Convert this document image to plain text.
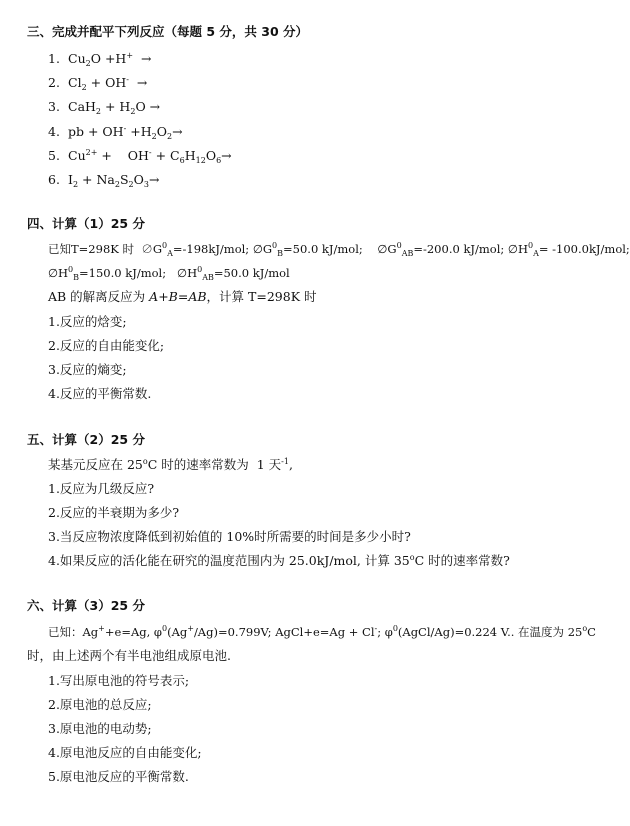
三、完成并配平下列反应（每题 5 分，共 30 分）
1. $Cu_2O +H^+$  →
2. $Cl_2 + OH^-$  →
3. $CaH_2 + H_2O$ →
4. pb + $OH^- +H_2O_2\to$
5. $Cu^{2+}$ +    $OH^- + C_6H_{12}O_6\to$
6. $I_2 + Na_2S_2O_3\to$
四、计算（1）25 分
已知T=298K 时  $\emptyset G^0_A=-198kJ$/mol; $\emptyset G^0_B=50.0$ kJ/mol;    $\emptyset G^0_{AB}=-200.0$ kJ/mol; $\emptyset H^0_A= -100.0kJ/mol$;
$\emptyset H^0_B=150.0$ kJ/mol;   $\emptyset H^0_{AB}=50.0$ kJ/mol
AB 的解离反应为 A+B=AB，计算 T=298K 时
1.反应的焓变;
2.反应的自由能变化;
3.反应的熵变;
4.反应的平衡常数.
五、计算（2）25 分
某基元反应在 25$^o$C 时的速率常数为  1 天$^{-1}$,
1.反应为几级反应?
2.反应的半衰期为多少?
3.当反应物浓度降低到初始值的 10%时所需要的时间是多少小时?
4.如果反应的活化能在研究的温度范围内为 25.0kJ/mol, 计算 35$^o$C 时的速率常数?
六、计算（3）25 分
已知：Ag++e=Ag, $\varphi^0(Ag^+/Ag)=0.799V$; AgCl+e=Ag + Cl-; $\varphi^0(AgCl/Ag)=0.224$ V.. 在温度为 25$^o$C
时，由上述两个有半电池组成原电池.
1.写出原电池的符号表示;
2.原电池的总反应;
3.原电池的电动势;
4.原电池反应的自由能变化;
5.原电池反应的平衡常数.
